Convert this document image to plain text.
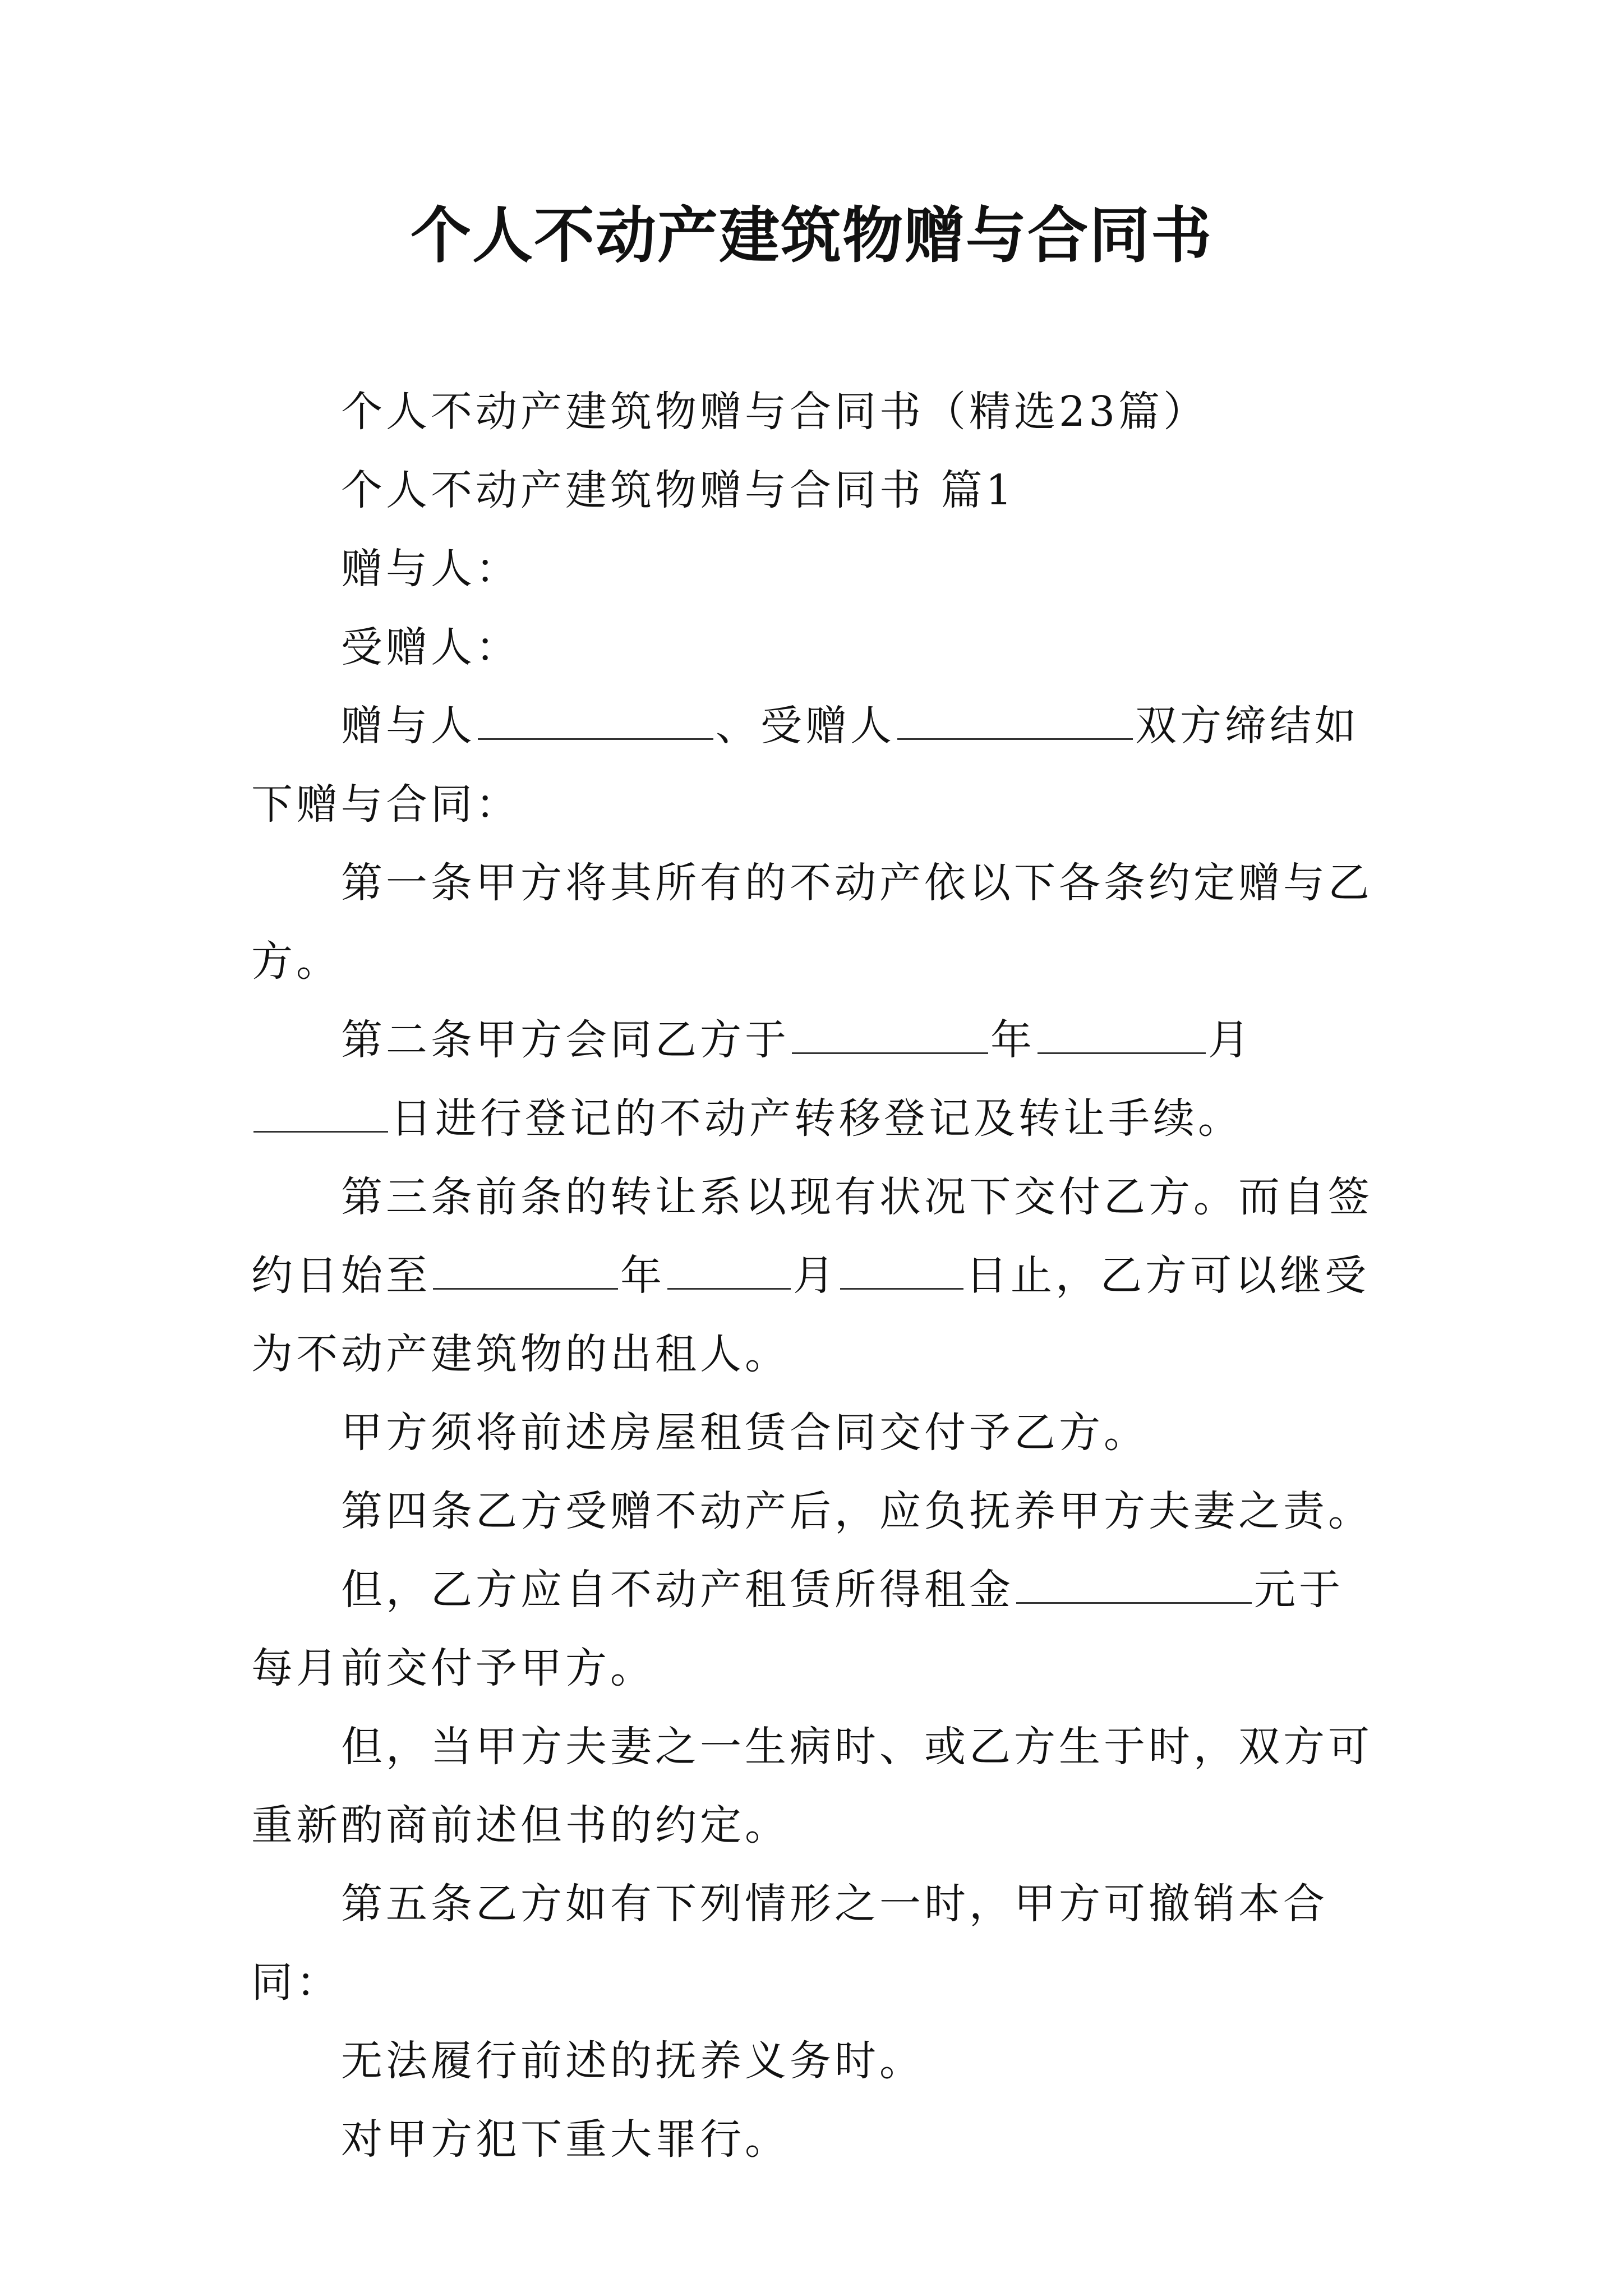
个人不动产建筑物赠与合同书

个人不动产建筑物赠与合同书（精选23篇）

个人不动产建筑物赠与合同书 篇1

赠与人：

受赠人：

赠与人	、受赠人	双方缔结如下赠与合同：

第一条甲方将其所有的不动产依以下各条约定赠与乙方。

第二条甲方会同乙方于	年	月日进行登记的不动产转移登记及转让手续。

第三条前条的转让系以现有状况下交付乙方。而自签约日始至	年	月	日止，乙方可以继受为不动产建筑物的出租人。

甲方须将前述房屋租赁合同交付予乙方。

第四条乙方受赠不动产后，应负抚养甲方夫妻之责。

但，乙方应自不动产租赁所得租金	元于每月前交付予甲方。

但，当甲方夫妻之一生病时、或乙方生于时，双方可重新酌商前述但书的约定。

第五条乙方如有下列情形之一时，甲方可撤销本合同：

无法履行前述的抚养义务时。

对甲方犯下重大罪行。
